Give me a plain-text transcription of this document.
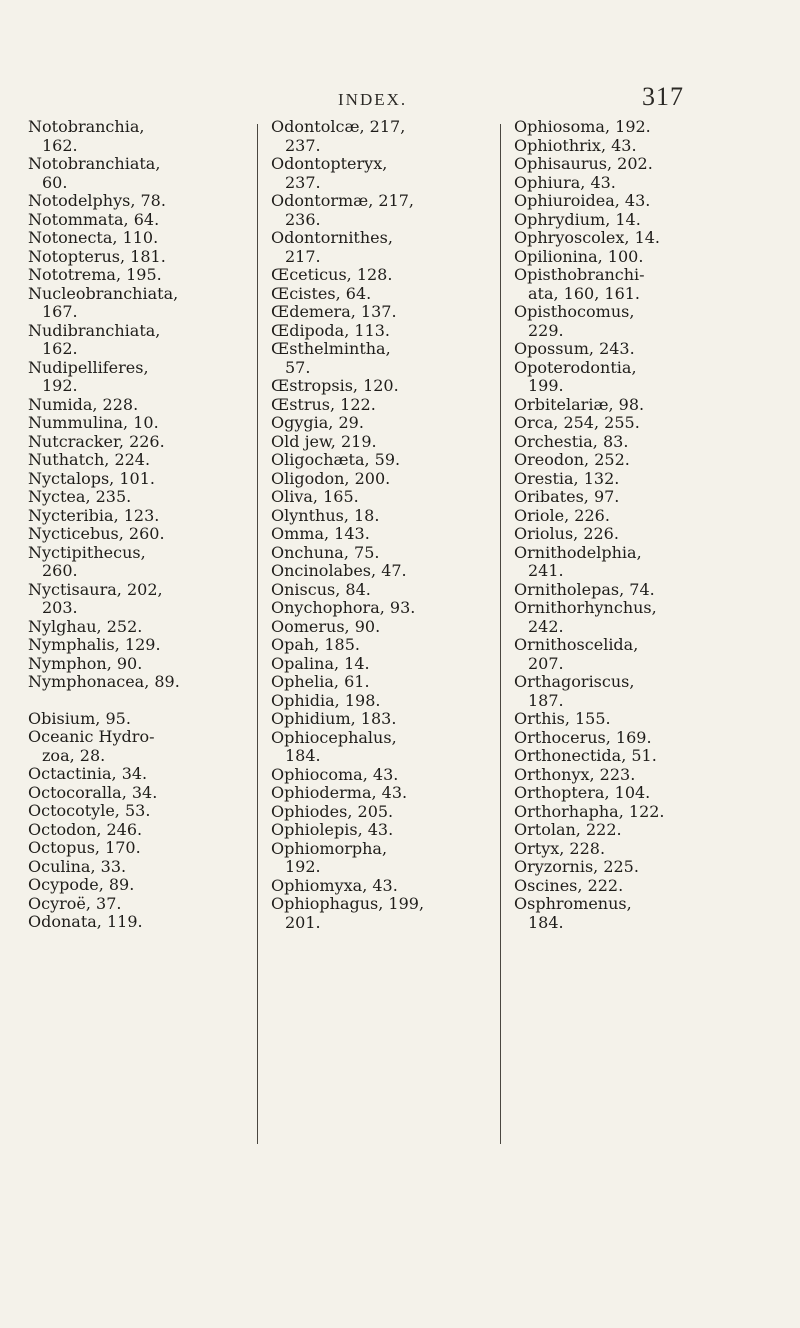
INDEX.	317
Notobranchia,
162.
Notobranchiata,
60.
Notodelphys, 78.
Notommata, 64.
Notonecta, 110.
Notopterus, 181.
Nototrema, 195.
Nucleobranchiata,
167.
Nudibranchiata,
162.
Nudipelliferes,
192.
Numida, 228.
Nummulina, 10.
Nutcracker, 226.
Nuthatch, 224.
Nyctalops, 101.
Nyctea, 235.
Nycteribia, 123.
Nycticebus, 260.
Nyctipithecus,
260.
Nyctisaura, 202,
203.
Nylghau, 252.
Nymphalis, 129.
Nymphon, 90.
Nymphonacea, 89.
Obisium, 95.
Oceanic Hydro-
zoa, 28.
Octactinia, 34.
Octocoralla, 34.
Octocotyle, 53.
Octodon, 246.
Octopus, 170.
Oculina, 33.
Ocypode, 89.
Ocyroë, 37.
Odonata, 119.
Odontolcæ, 217,
237.
Odontopteryx,
237.
Odontormæ, 217,
236.
Odontornithes,
217.
Œceticus, 128.
Œcistes, 64.
Œdemera, 137.
Œdipoda, 113.
Œsthelmintha,
57.
Œstropsis, 120.
Œstrus, 122.
Ogygia, 29.
Old jew, 219.
Oligochæta, 59.
Oligodon, 200.
Oliva, 165.
Olynthus, 18.
Omma, 143.
Onchuna, 75.
Oncinolabes, 47.
Oniscus, 84.
Onychophora, 93.
Oomerus, 90.
Opah, 185.
Opalina, 14.
Ophelia, 61.
Ophidia, 198.
Ophidium, 183.
Ophiocephalus,
184.
Ophiocoma, 43.
Ophioderma, 43.
Ophiodes, 205.
Ophiolepis, 43.
Ophiomorpha,
192.
Ophiomyxa, 43.
Ophiophagus, 199,
201.
Ophiosoma, 192.
Ophiothrix, 43.
Ophisaurus, 202.
Ophiura, 43.
Ophiuroidea, 43.
Ophrydium, 14.
Ophryoscolex, 14.
Opilionina, 100.
Opisthobranchi-
ata, 160, 161.
Opisthocomus,
229.
Opossum, 243.
Opoterodontia,
199.
Orbitelariæ, 98.
Orca, 254, 255.
Orchestia, 83.
Oreodon, 252.
Orestia, 132.
Oribates, 97.
Oriole, 226.
Oriolus, 226.
Ornithodelphia,
241.
Ornitholepas, 74.
Ornithorhynchus,
242.
Ornithoscelida,
207.
Orthagoriscus,
187.
Orthis, 155.
Orthocerus, 169.
Orthonectida, 51.
Orthonyx, 223.
Orthoptera, 104.
Orthorhapha, 122.
Ortolan, 222.
Ortyx, 228.
Oryzornis, 225.
Oscines, 222.
Osphromenus,
184.
